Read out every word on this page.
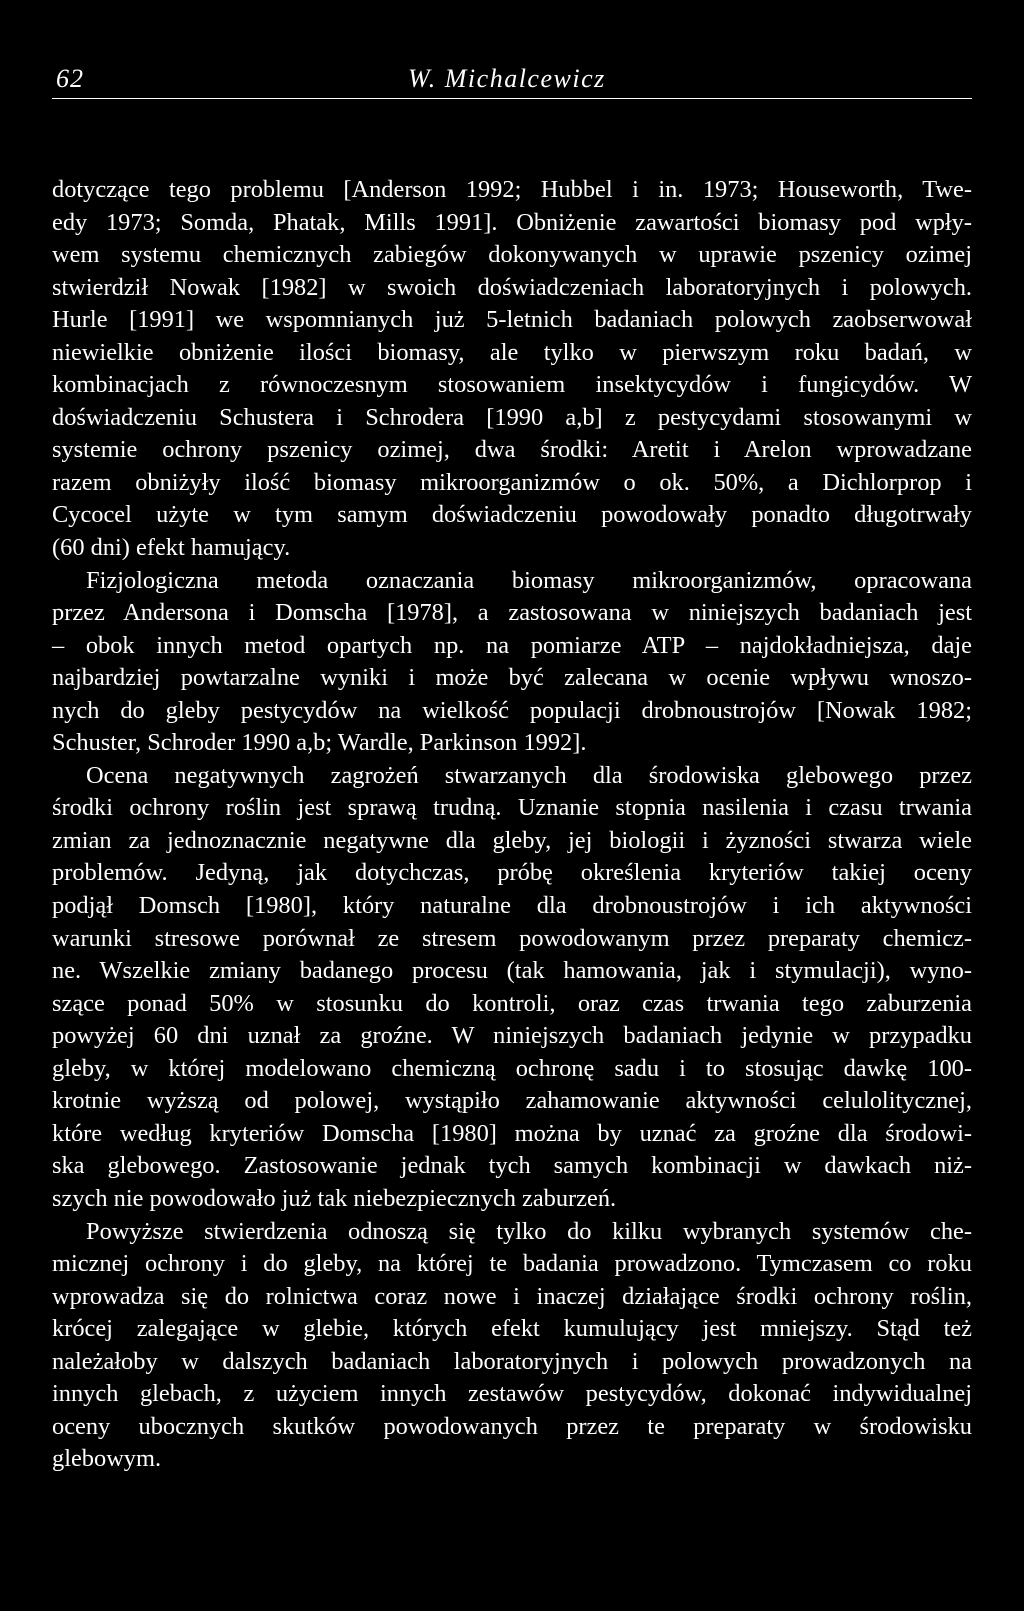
62	W. Michalcewicz
dotyczące tego problemu [Anderson 1992; Hubbel i in. 1973; Houseworth, Twe-
edy 1973; Somda, Phatak, Mills 1991]. Obniżenie zawartości biomasy pod wpły-
wem systemu chemicznych zabiegów dokonywanych w uprawie pszenicy ozimej
stwierdził Nowak [1982] w swoich doświadczeniach laboratoryjnych i polowych.
Hurle [1991] we wspomnianych już 5-letnich badaniach polowych zaobserwował
niewielkie obniżenie ilości biomasy, ale tylko w pierwszym roku badań, w
kombinacjach z równoczesnym stosowaniem insektycydów i fungicydów. W
doświadczeniu Schustera i Schrodera [1990 a,b] z pestycydami stosowanymi w
systemie ochrony pszenicy ozimej, dwa środki: Aretit i Arelon wprowadzane
razem obniżyły ilość biomasy mikroorganizmów o ok. 50%, a Dichlorprop i
Cycocel użyte w tym samym doświadczeniu powodowały ponadto długotrwały
(60 dni) efekt hamujący.
Fizjologiczna metoda oznaczania biomasy mikroorganizmów, opracowana
przez Andersona i Domscha [1978], a zastosowana w niniejszych badaniach jest
– obok innych metod opartych np. na pomiarze ATP – najdokładniejsza, daje
najbardziej powtarzalne wyniki i może być zalecana w ocenie wpływu wnoszo-
nych do gleby pestycydów na wielkość populacji drobnoustrojów [Nowak 1982;
Schuster, Schroder 1990 a,b; Wardle, Parkinson 1992].
Ocena negatywnych zagrożeń stwarzanych dla środowiska glebowego przez
środki ochrony roślin jest sprawą trudną. Uznanie stopnia nasilenia i czasu trwania
zmian za jednoznacznie negatywne dla gleby, jej biologii i żyzności stwarza wiele
problemów. Jedyną, jak dotychczas, próbę określenia kryteriów takiej oceny
podjął Domsch [1980], który naturalne dla drobnoustrojów i ich aktywności
warunki stresowe porównał ze stresem powodowanym przez preparaty chemicz-
ne. Wszelkie zmiany badanego procesu (tak hamowania, jak i stymulacji), wyno-
szące ponad 50% w stosunku do kontroli, oraz czas trwania tego zaburzenia
powyżej 60 dni uznał za groźne. W niniejszych badaniach jedynie w przypadku
gleby, w której modelowano chemiczną ochronę sadu i to stosując dawkę 100-
krotnie wyższą od polowej, wystąpiło zahamowanie aktywności celulolitycznej,
które według kryteriów Domscha [1980] można by uznać za groźne dla środowi-
ska glebowego. Zastosowanie jednak tych samych kombinacji w dawkach niż-
szych nie powodowało już tak niebezpiecznych zaburzeń.
Powyższe stwierdzenia odnoszą się tylko do kilku wybranych systemów che-
micznej ochrony i do gleby, na której te badania prowadzono. Tymczasem co roku
wprowadza się do rolnictwa coraz nowe i inaczej działające środki ochrony roślin,
krócej zalegające w glebie, których efekt kumulujący jest mniejszy. Stąd też
należałoby w dalszych badaniach laboratoryjnych i polowych prowadzonych na
innych glebach, z użyciem innych zestawów pestycydów, dokonać indywidualnej
oceny ubocznych skutków powodowanych przez te preparaty w środowisku
glebowym.
